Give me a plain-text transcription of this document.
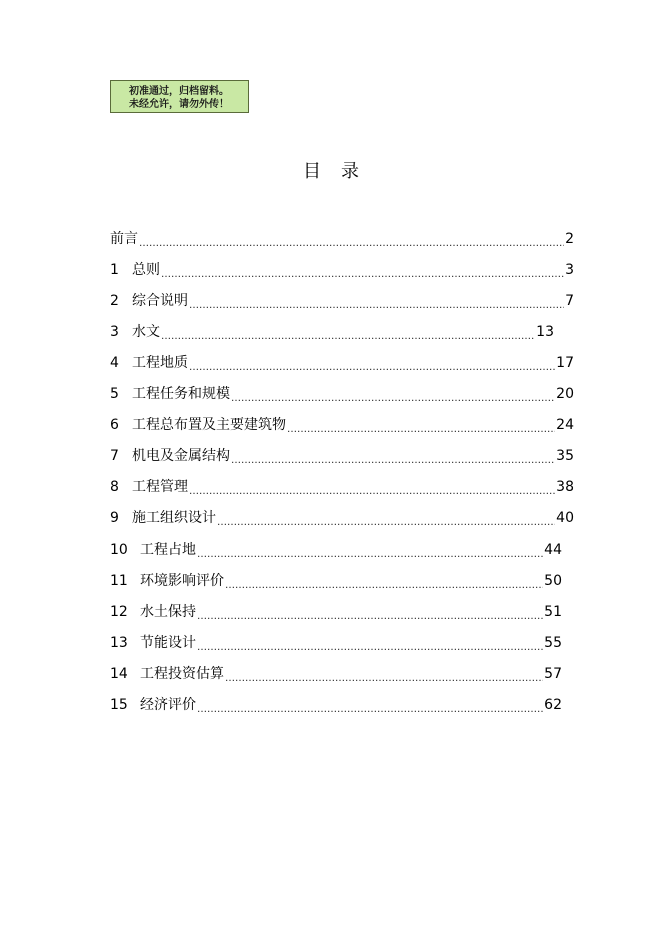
初准通过，归档留料。
未经允许，请勿外传！
目录
前言 ……………………………………………………………………………………………………………………………………………………………………	2
1 总则 ……………………………………………………………………………………………………………………………………………………………………	3
2 综合说明 ……………………………………………………………………………………………………………………………………………………………………	7
3 水文 ……………………………………………………………………………………………………………………………………………………………………	13
4 工程地质 ……………………………………………………………………………………………………………………………………………………………………	17
5 工程任务和规模 ……………………………………………………………………………………………………………………………………………………………………	20
6 工程总布置及主要建筑物 ……………………………………………………………………………………………………………………………………………………………………	24
7 机电及金属结构 ……………………………………………………………………………………………………………………………………………………………………	35
8 工程管理 ……………………………………………………………………………………………………………………………………………………………………	38
9 施工组织设计 ……………………………………………………………………………………………………………………………………………………………………	40
10 工程占地 ……………………………………………………………………………………………………………………………………………………………………	44
11 环境影响评价 ……………………………………………………………………………………………………………………………………………………………………	50
12 水土保持 ……………………………………………………………………………………………………………………………………………………………………	51
13 节能设计 ……………………………………………………………………………………………………………………………………………………………………	55
14 工程投资估算 ……………………………………………………………………………………………………………………………………………………………………	57
15 经济评价 ……………………………………………………………………………………………………………………………………………………………………	62
